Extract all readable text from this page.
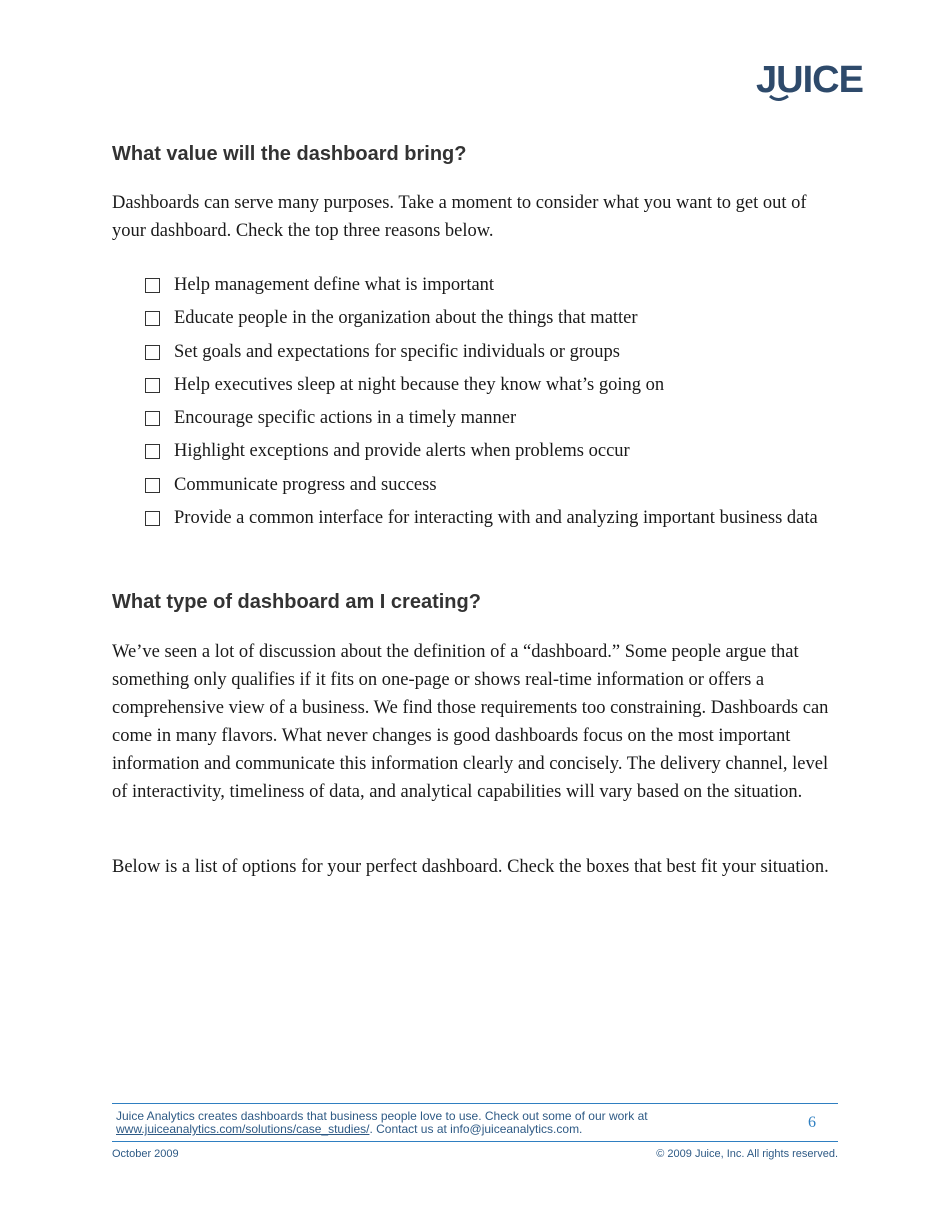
JUICE
What value will the dashboard bring?

Dashboards can serve many purposes. Take a moment to consider what you want to get out of your dashboard. Check the top three reasons below.

Help management define what is important
Educate people in the organization about the things that matter
Set goals and expectations for specific individuals or groups
Help executives sleep at night because they know what’s going on
Encourage specific actions in a timely manner
Highlight exceptions and provide alerts when problems occur
Communicate progress and success
Provide a common interface for interacting with and analyzing important business data
What type of dashboard am I creating?

We’ve seen a lot of discussion about the definition of a “dashboard.” Some people argue that something only qualifies if it fits on one-page or shows real-time information or offers a comprehensive view of a business. We find those requirements too constraining. Dashboards can come in many flavors. What never changes is good dashboards focus on the most important information and communicate this information clearly and concisely. The delivery channel, level of interactivity, timeliness of data, and analytical capabilities will vary based on the situation.

Below is a list of options for your perfect dashboard. Check the boxes that best fit your situation.

Juice Analytics creates dashboards that business people love to use. Check out some of our work at
www.juiceanalytics.com/solutions/case_studies/. Contact us at info@juiceanalytics.com.	6
October 2009	© 2009 Juice, Inc. All rights reserved.
